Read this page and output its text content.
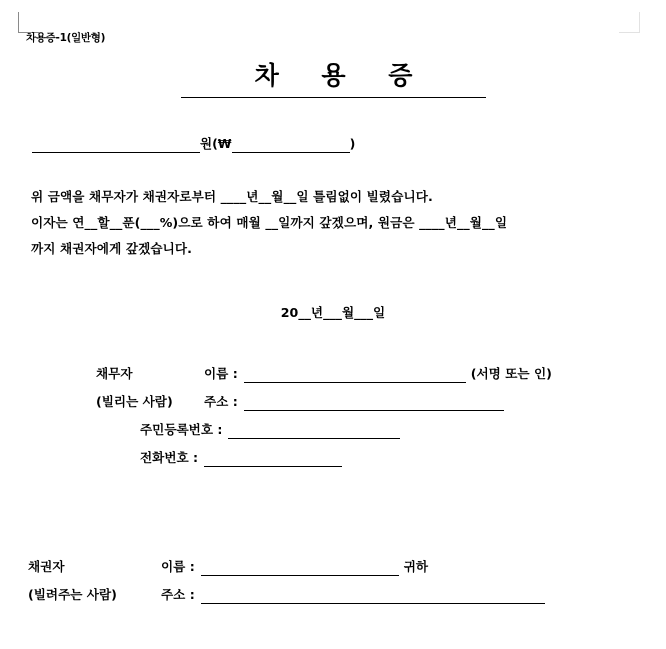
차용증-1(일반형)
차 용 증
원(₩	)
위 금액을 채무자가 채권자로부터 ____년__월__일 틀림없이 빌렸습니다.
이자는 연__할__푼(___%)으로 하여 매월 __일까지 갚겠으며, 원금은 ____년__월__일
까지 채권자에게 갚겠습니다.
20__년___월___일
채무자	이름 :	(서명 또는 인)
(빌리는 사람)	주소 :
주민등록번호 :
전화번호 :
채권자	이름 :	귀하
(빌려주는 사람)	주소 :
